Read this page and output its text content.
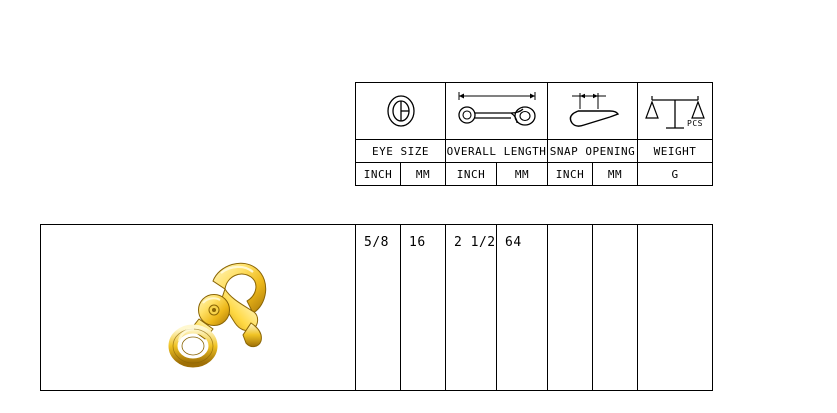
PCS

EYE SIZE		OVERALL LENGTH		SNAP OPENING		WEIGHT
INCH	MM	INCH	MM	INCH	MM	G
	5/8	16	2 1/2	64			
